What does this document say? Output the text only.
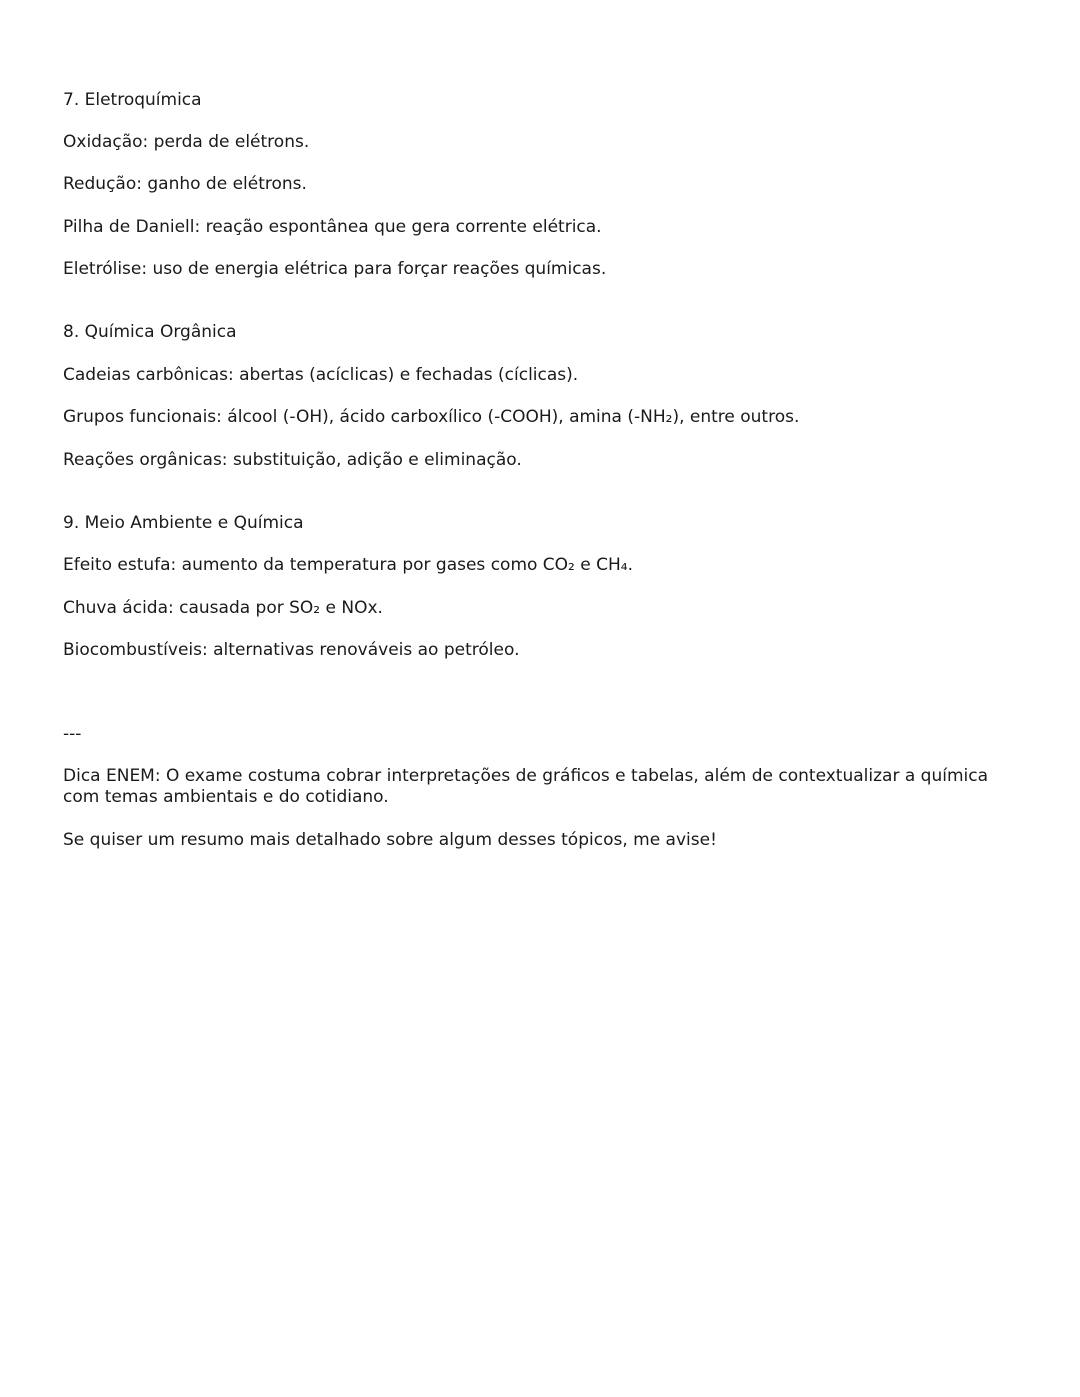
7. Eletroquímica

Oxidação: perda de elétrons.

Redução: ganho de elétrons.

Pilha de Daniell: reação espontânea que gera corrente elétrica.

Eletrólise: uso de energia elétrica para forçar reações químicas.

8. Química Orgânica

Cadeias carbônicas: abertas (acíclicas) e fechadas (cíclicas).

Grupos funcionais: álcool (-OH), ácido carboxílico (-COOH), amina (-NH₂), entre outros.

Reações orgânicas: substituição, adição e eliminação.

9. Meio Ambiente e Química

Efeito estufa: aumento da temperatura por gases como CO₂ e CH₄.

Chuva ácida: causada por SO₂ e NOx.

Biocombustíveis: alternativas renováveis ao petróleo.

---

Dica ENEM: O exame costuma cobrar interpretações de gráficos e tabelas, além de contextualizar a química com temas ambientais e do cotidiano.

Se quiser um resumo mais detalhado sobre algum desses tópicos, me avise!
